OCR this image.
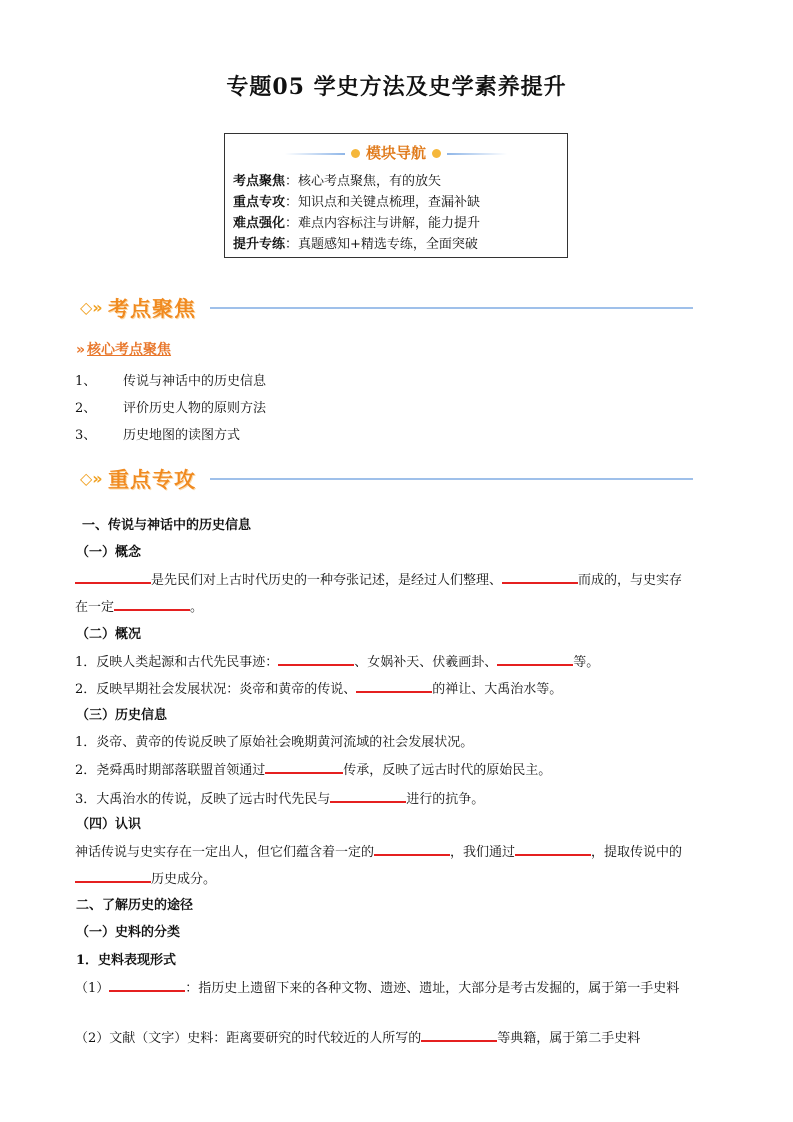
专题05 学史方法及史学素养提升
模块导航
考点聚焦：核心考点聚焦，有的放矢
重点专攻：知识点和关键点梳理，查漏补缺
难点强化：难点内容标注与讲解，能力提升
提升专练：真题感知+精选专练，全面突破
◇» 考点聚焦
» 核心考点聚焦
1、 传说与神话中的历史信息
2、 评价历史人物的原则方法
3、 历史地图的读图方式
◇» 重点专攻
一、传说与神话中的历史信息
（一）概念
是先民们对上古时代历史的一种夸张记述，是经过人们整理、	而成的，与史实存
在一定	。
（二）概况
1．反映人类起源和古代先民事迹：	、女娲补天、伏羲画卦、	等。
2．反映早期社会发展状况：炎帝和黄帝的传说、	的禅让、大禹治水等。
（三）历史信息
1．炎帝、黄帝的传说反映了原始社会晚期黄河流域的社会发展状况。
2．尧舜禹时期部落联盟首领通过	传承，反映了远古时代的原始民主。
3．大禹治水的传说，反映了远古时代先民与	进行的抗争。
（四）认识
神话传说与史实存在一定出人，但它们蕴含着一定的	，我们通过	，提取传说中的
历史成分。
二、了解历史的途径
（一）史料的分类
1．史料表现形式
（1）	：指历史上遗留下来的各种文物、遗迹、遗址，大部分是考古发掘的，属于第一手史料
（2）文献（文字）史料：距离要研究的时代较近的人所写的	等典籍，属于第二手史料
